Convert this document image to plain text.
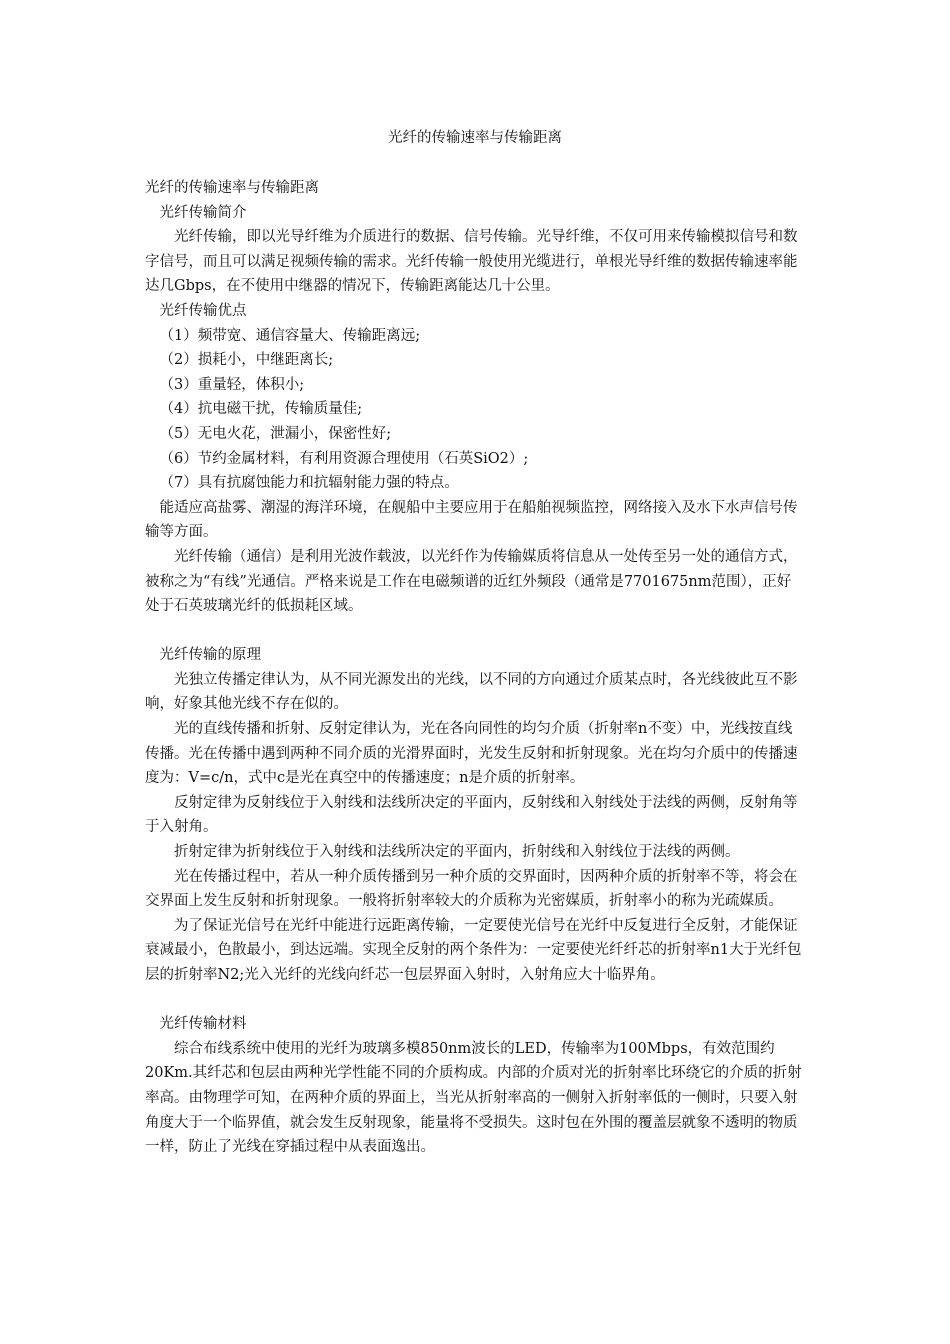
光纤的传输速率与传输距离

光纤的传输速率与传输距离

光纤传输简介

光纤传输，即以光导纤维为介质进行的数据、信号传输。光导纤维，不仅可用来传输模拟信号和数字信号，而且可以满足视频传输的需求。光纤传输一般使用光缆进行，单根光导纤维的数据传输速率能达几Gbps，在不使用中继器的情况下，传输距离能达几十公里。

光纤传输优点

（1）频带宽、通信容量大、传输距离远;

（2）损耗小，中继距离长;

（3）重量轻，体积小;

（4）抗电磁干扰，传输质量佳;

（5）无电火花，泄漏小，保密性好;

（6）节约金属材料，有利用资源合理使用（石英SiO2）;

（7）具有抗腐蚀能力和抗辐射能力强的特点。

能适应高盐雾、潮湿的海洋环境，在舰船中主要应用于在船舶视频监控，网络接入及水下水声信号传输等方面。

光纤传输（通信）是利用光波作载波，以光纤作为传输媒质将信息从一处传至另一处的通信方式，被称之为“有线”光通信。严格来说是工作在电磁频谱的近红外频段（通常是7701675nm范围），正好处于石英玻璃光纤的低损耗区域。

光纤传输的原理

光独立传播定律认为，从不同光源发出的光线，以不同的方向通过介质某点时，各光线彼此互不影响，好象其他光线不存在似的。

光的直线传播和折射、反射定律认为，光在各向同性的均匀介质（折射率n不变）中，光线按直线传播。光在传播中遇到两种不同介质的光滑界面时，光发生反射和折射现象。光在均匀介质中的传播速度为：V=c/n，式中c是光在真空中的传播速度；n是介质的折射率。

反射定律为反射线位于入射线和法线所决定的平面内，反射线和入射线处于法线的两侧，反射角等于入射角。

折射定律为折射线位于入射线和法线所决定的平面内，折射线和入射线位于法线的两侧。

光在传播过程中，若从一种介质传播到另一种介质的交界面时，因两种介质的折射率不等，将会在交界面上发生反射和折射现象。一般将折射率较大的介质称为光密媒质，折射率小的称为光疏媒质。

为了保证光信号在光纤中能进行远距离传输，一定要使光信号在光纤中反复进行全反射，才能保证衰减最小，色散最小，到达远端。实现全反射的两个条件为：一定要使光纤纤芯的折射率n1大于光纤包层的折射率N2;光入光纤的光线向纤芯一包层界面入射时，入射角应大十临界角。

光纤传输材料

综合布线系统中使用的光纤为玻璃多模850nm波长的LED，传输率为100Mbps，有效范围约20Km.其纤芯和包层由两种光学性能不同的介质构成。内部的介质对光的折射率比环绕它的介质的折射率高。由物理学可知，在两种介质的界面上，当光从折射率高的一侧射入折射率低的一侧时，只要入射角度大于一个临界值，就会发生反射现象，能量将不受损失。这时包在外围的覆盖层就象不透明的物质一样，防止了光线在穿插过程中从表面逸出。
